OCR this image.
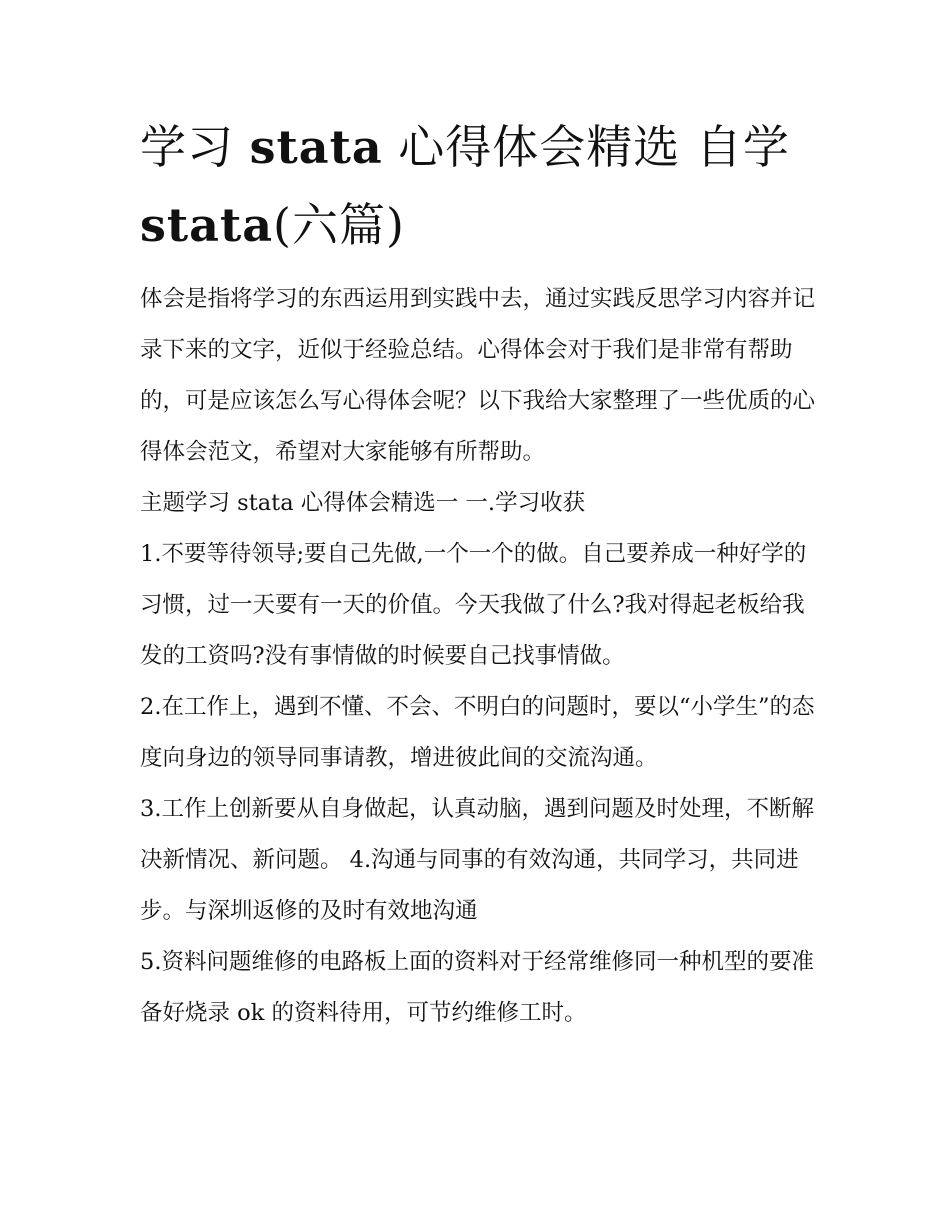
学习 stata 心得体会精选 自学
stata(六篇)

体会是指将学习的东西运用到实践中去，通过实践反思学习内容并记录下来的文字，近似于经验总结。心得体会对于我们是非常有帮助的，可是应该怎么写心得体会呢？以下我给大家整理了一些优质的心得体会范文，希望对大家能够有所帮助。

主题学习 stata 心得体会精选一 一.学习收获

1.不要等待领导;要自己先做,一个一个的做。自己要养成一种好学的习惯，过一天要有一天的价值。今天我做了什么?我对得起老板给我发的工资吗?没有事情做的时候要自己找事情做。

2.在工作上，遇到不懂、不会、不明白的问题时，要以“小学生”的态度向身边的领导同事请教，增进彼此间的交流沟通。

3.工作上创新要从自身做起，认真动脑，遇到问题及时处理，不断解决新情况、新问题。 4.沟通与同事的有效沟通，共同学习，共同进步。与深圳返修的及时有效地沟通

5.资料问题维修的电路板上面的资料对于经常维修同一种机型的要准备好烧录 ok 的资料待用，可节约维修工时。
